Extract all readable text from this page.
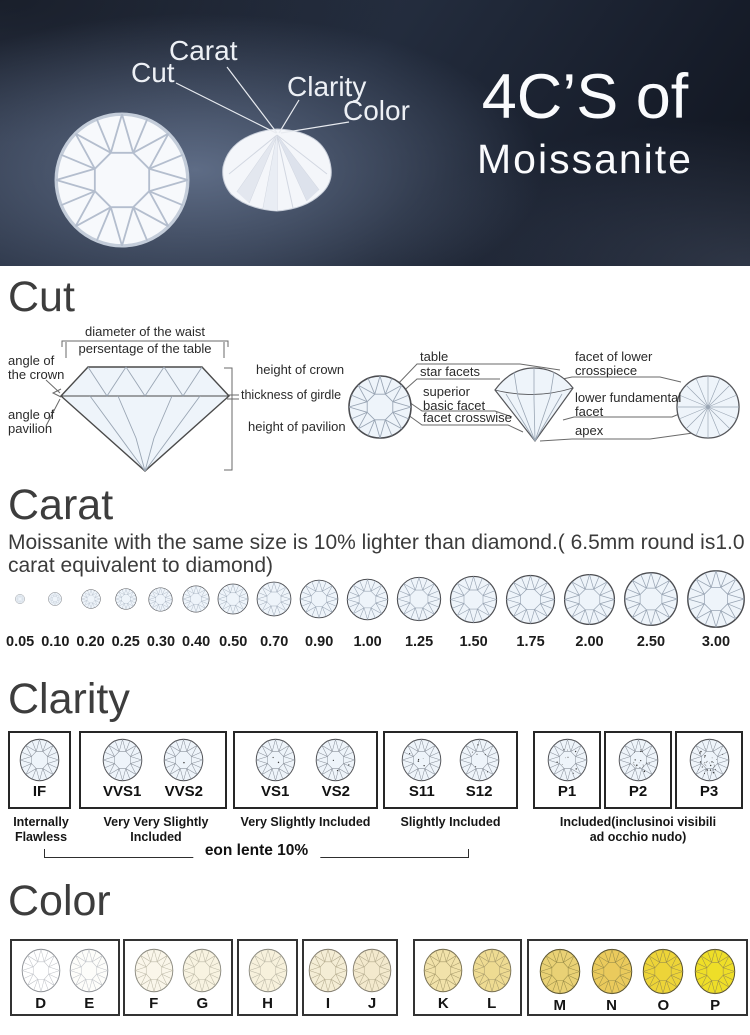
Cut
Carat
Clarity
Color	4C’S of
Moissanite
Cut
diameter of the waist
persentage of the table
angle of the crown
angle of pavilion
height of crown
thickness of girdle
height of pavilion
table
star facets
superior basic facet
facet crosswise
facet of lower crosspiece
lower fundamental facet
apex
Carat
Moissanite with the same size is 10% lighter than diamond.( 6.5mm round is1.0 carat equivalent to diamond)
0.05 0.10 0.20 0.25 0.30 0.40 0.50 0.70 0.90 1.00 1.25 1.50 1.75 2.00 2.50	3.00
Clarity
IF	VVS1 VVS2	VS1 VS2	S11 S12	P1	P2	P3
Internally Flawless
Very Very Slightly Included
Very Slightly Included	Slightly Included	Included(inclusinoi visibili ad occhio nudo)
eon lente 10%
Color
D	E	F	G	H	I	J	K	L	M	N	O	P
